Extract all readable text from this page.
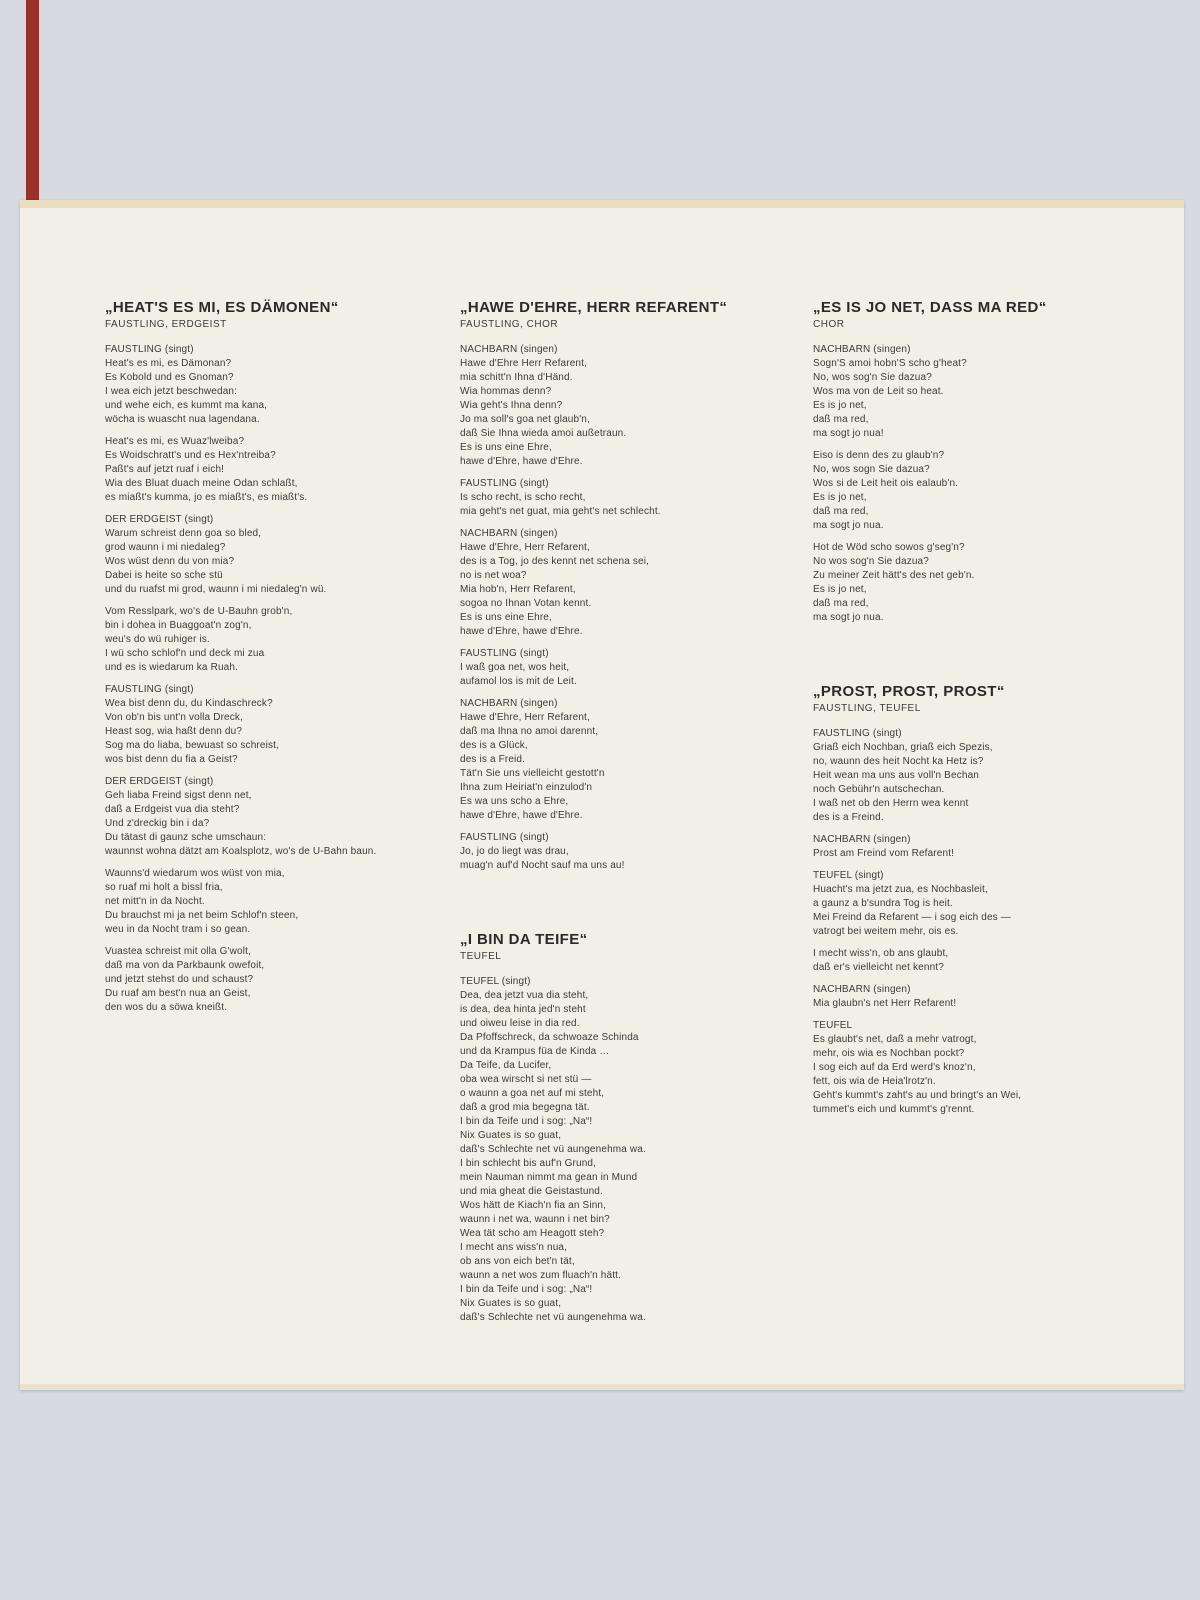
„HEAT'S ES MI, ES DÄMONEN“
FAUSTLING, ERDGEIST
FAUSTLING (singt)
Heat's es mi, es Dämonan?
Es Kobold und es Gnoman?
I wea eich jetzt beschwedan:
und wehe eich, es kummt ma kana,
wöcha is wuascht nua lagendana.
Heat's es mi, es Wuaz'lweiba?
Es Woidschratt's und es Hex'ntreiba?
Paßt's auf jetzt ruaf i eich!
Wia des Bluat duach meine Odan schlaßt,
es miaßt's kumma, jo es miaßt's, es miaßt's.
DER ERDGEIST (singt)
Warum schreist denn goa so bled,
grod waunn i mi niedaleg?
Wos wüst denn du von mia?
Dabei is heite so sche stü
und du ruafst mi grod, waunn i mi niedaleg'n wü.
Vom Resslpark, wo's de U-Bauhn grob'n,
bin i dohea in Buaggoat'n zog'n,
weu's do wü ruhiger is.
I wü scho schlof'n und deck mi zua
und es is wiedarum ka Ruah.
FAUSTLING (singt)
Wea bist denn du, du Kindaschreck?
Von ob'n bis unt'n volla Dreck,
Heast sog, wia haßt denn du?
Sog ma do liaba, bewuast so schreist,
wos bist denn du fia a Geist?
DER ERDGEIST (singt)
Geh liaba Freind sigst denn net,
daß a Erdgeist vua dia steht?
Und z'dreckig bin i da?
Du tätast di gaunz sche umschaun:
waunnst wohna dätzt am Koalsplotz, wo's de U-Bahn baun.
Waunns'd wiedarum wos wüst von mia,
so ruaf mi holt a bissl fria,
net mitt'n in da Nocht.
Du brauchst mi ja net beim Schlof'n steen,
weu in da Nocht tram i so gean.
Vuastea schreist mit olla G'wolt,
daß ma von da Parkbaunk owefoit,
und jetzt stehst do und schaust?
Du ruaf am best'n nua an Geist,
den wos du a söwa kneißt.
„HAWE D'EHRE, HERR REFARENT“
FAUSTLING, CHOR
NACHBARN (singen)
Hawe d'Ehre Herr Refarent,
mia schitt'n Ihna d'Händ.
Wia hommas denn?
Wia geht's Ihna denn?
Jo ma soll's goa net glaub'n,
daß Sie Ihna wieda amoi außetraun.
Es is uns eine Ehre,
hawe d'Ehre, hawe d'Ehre.
FAUSTLING (singt)
Is scho recht, is scho recht,
mia geht's net guat, mia geht's net schlecht.
NACHBARN (singen)
Hawe d'Ehre, Herr Refarent,
des is a Tog, jo des kennt net schena sei,
no is net woa?
Mia hob'n, Herr Refarent,
sogoa no Ihnan Votan kennt.
Es is uns eine Ehre,
hawe d'Ehre, hawe d'Ehre.
FAUSTLING (singt)
I waß goa net, wos heit,
aufamol los is mit de Leit.
NACHBARN (singen)
Hawe d'Ehre, Herr Refarent,
daß ma Ihna no amoi darennt,
des is a Glück,
des is a Freid.
Tät'n Sie uns vielleicht gestott'n
Ihna zum Heiriat'n einzulod'n
Es wa uns scho a Ehre,
hawe d'Ehre, hawe d'Ehre.
FAUSTLING (singt)
Jo, jo do liegt was drau,
muag'n auf'd Nocht sauf ma uns au!
„I BIN DA TEIFE“
TEUFEL
TEUFEL (singt)
Dea, dea jetzt vua dia steht,
is dea, dea hinta jed'n steht
und oiweu leise in dia red.
Da Pfoffschreck, da schwoaze Schinda
und da Krampus füa de Kinda …
Da Teife, da Lucifer,
oba wea wirscht si net stü —
o waunn a goa net auf mi steht,
daß a grod mia begegna tät.
I bin da Teife und i sog: „Na“!
Nix Guates is so guat,
daß's Schlechte net vü aungenehma wa.
I bin schlecht bis auf'n Grund,
mein Nauman nimmt ma gean in Mund
und mia gheat die Geistastund.
Wos hätt de Kiach'n fia an Sinn,
waunn i net wa, waunn i net bin?
Wea tät scho am Heagott steh?
I mecht ans wiss'n nua,
ob ans von eich bet'n tät,
waunn a net wos zum fluach'n hätt.
I bin da Teife und i sog: „Na“!
Nix Guates is so guat,
daß's Schlechte net vü aungenehma wa.
„ES IS JO NET, DASS MA RED“
CHOR
NACHBARN (singen)
Sogn'S amoi hobn'S scho g'heat?
No, wos sog'n Sie dazua?
Wos ma von de Leit so heat.
Es is jo net,
daß ma red,
ma sogt jo nua!
Eiso is denn des zu glaub'n?
No, wos sogn Sie dazua?
Wos si de Leit heit ois ealaub'n.
Es is jo net,
daß ma red,
ma sogt jo nua.
Hot de Wöd scho sowos g'seg'n?
No wos sog'n Sie dazua?
Zu meiner Zeit hätt's des net geb'n.
Es is jo net,
daß ma red,
ma sogt jo nua.
„PROST, PROST, PROST“
FAUSTLING, TEUFEL
FAUSTLING (singt)
Griaß eich Nochban, griaß eich Spezis,
no, waunn des heit Nocht ka Hetz is?
Heit wean ma uns aus voll'n Bechan
noch Gebühr'n autschechan.
I waß net ob den Herrn wea kennt
des is a Freind.
NACHBARN (singen)
Prost am Freind vom Refarent!
TEUFEL (singt)
Huacht's ma jetzt zua, es Nochbasleit,
a gaunz a b'sundra Tog is heit.
Mei Freind da Refarent — i sog eich des —
vatrogt bei weitem mehr, ois es.
I mecht wiss'n, ob ans glaubt,
daß er's vielleicht net kennt?
NACHBARN (singen)
Mia glaubn's net Herr Refarent!
TEUFEL
Es glaubt's net, daß a mehr vatrogt,
mehr, ois wia es Nochban pockt?
I sog eich auf da Erd werd's knoz'n,
fett, ois wia de Heia'lrotz'n.
Geht's kummt's zaht's au und bringt's an Wei,
tummet's eich und kummt's g'rennt.
